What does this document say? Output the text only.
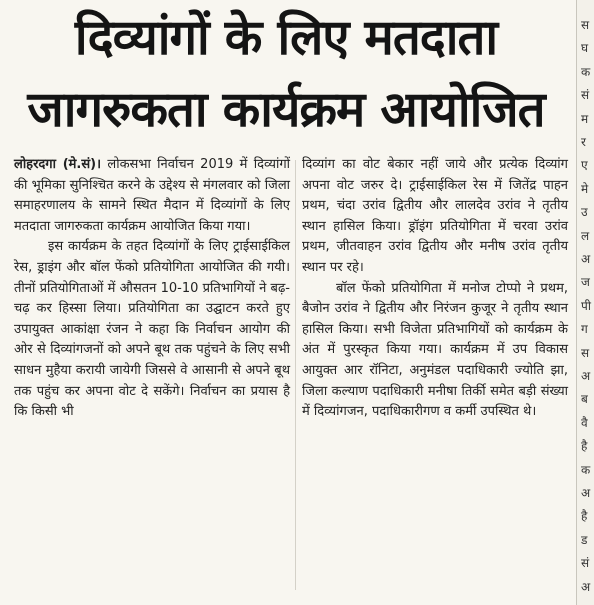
दिव्यांगों के लिए मतदाता
जागरुकता कार्यक्रम आयोजित

लोहरदगा (मे.सं)। लोकसभा निर्वाचन 2019 में दिव्यांगों की भूमिका सुनिश्चित करने के उद्देश्य से मंगलवार को जिला समाहरणालय के सामने स्थित मैदान में दिव्यांगों के लिए मतदाता जागरुकता कार्यक्रम आयोजित किया गया।

इस कार्यक्रम के तहत दिव्यांगों के लिए ट्राईसाईकिल रेस, ड्राइंग और बॉल फेंको प्रतियोगिता आयोजित की गयी। तीनों प्रतियोगिताओं में औसतन 10-10 प्रतिभागियों ने बढ़-चढ़ कर हिस्सा लिया। प्रतियोगिता का उद्घाटन करते हुए उपायुक्त आकांक्षा रंजन ने कहा कि निर्वाचन आयोग की ओर से दिव्यांगजनों को अपने बूथ तक पहुंचने के लिए सभी साधन मुहैया करायी जायेगी जिससे वे आसानी से अपने बूथ तक पहुंच कर अपना वोट दे सकेंगे। निर्वाचन का प्रयास है कि किसी भी

दिव्यांग का वोट बेकार नहीं जाये और प्रत्येक दिव्यांग अपना वोट जरुर दे। ट्राईसाईकिल रेस में जितेंद्र पाहन प्रथम, चंदा उरांव द्वितीय और लालदेव उरांव ने तृतीय स्थान हासिल किया। ड्रॉइंग प्रतियोगिता में चरवा उरांव प्रथम, जीतवाहन उरांव द्वितीय और मनीष उरांव तृतीय स्थान पर रहे।

बॉल फेंको प्रतियोगिता में मनोज टोप्पो ने प्रथम, बैजोन उरांव ने द्वितीय और निरंजन कुजूर ने तृतीय स्थान हासिल किया। सभी विजेता प्रतिभागियों को कार्यक्रम के अंत में पुरस्कृत किया गया। कार्यक्रम में उप विकास आयुक्त आर रॉनिटा, अनुमंडल पदाधिकारी ज्योति झा, जिला कल्याण पदाधिकारी मनीषा तिर्की समेत बड़ी संख्या में दिव्यांगजन, पदाधिकारीगण व कर्मी उपस्थित थे।

स
घ
क
सं
म
र
ए
मे
उ
ल
अ
ज
पी
ग
स
अ
ब
वै
है
क
अ
है
ड
सं
अ
